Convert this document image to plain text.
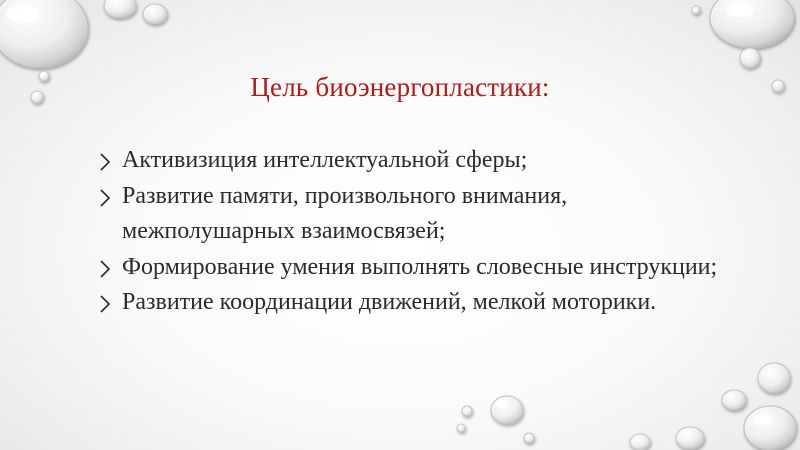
Цель биоэнергопластики:
Активизиция интеллектуальной сферы;
Развитие памяти, произвольного внимания, межполушарных взаимосвязей;
Формирование умения выполнять словесные инструкции;
Развитие координации движений, мелкой моторики.
